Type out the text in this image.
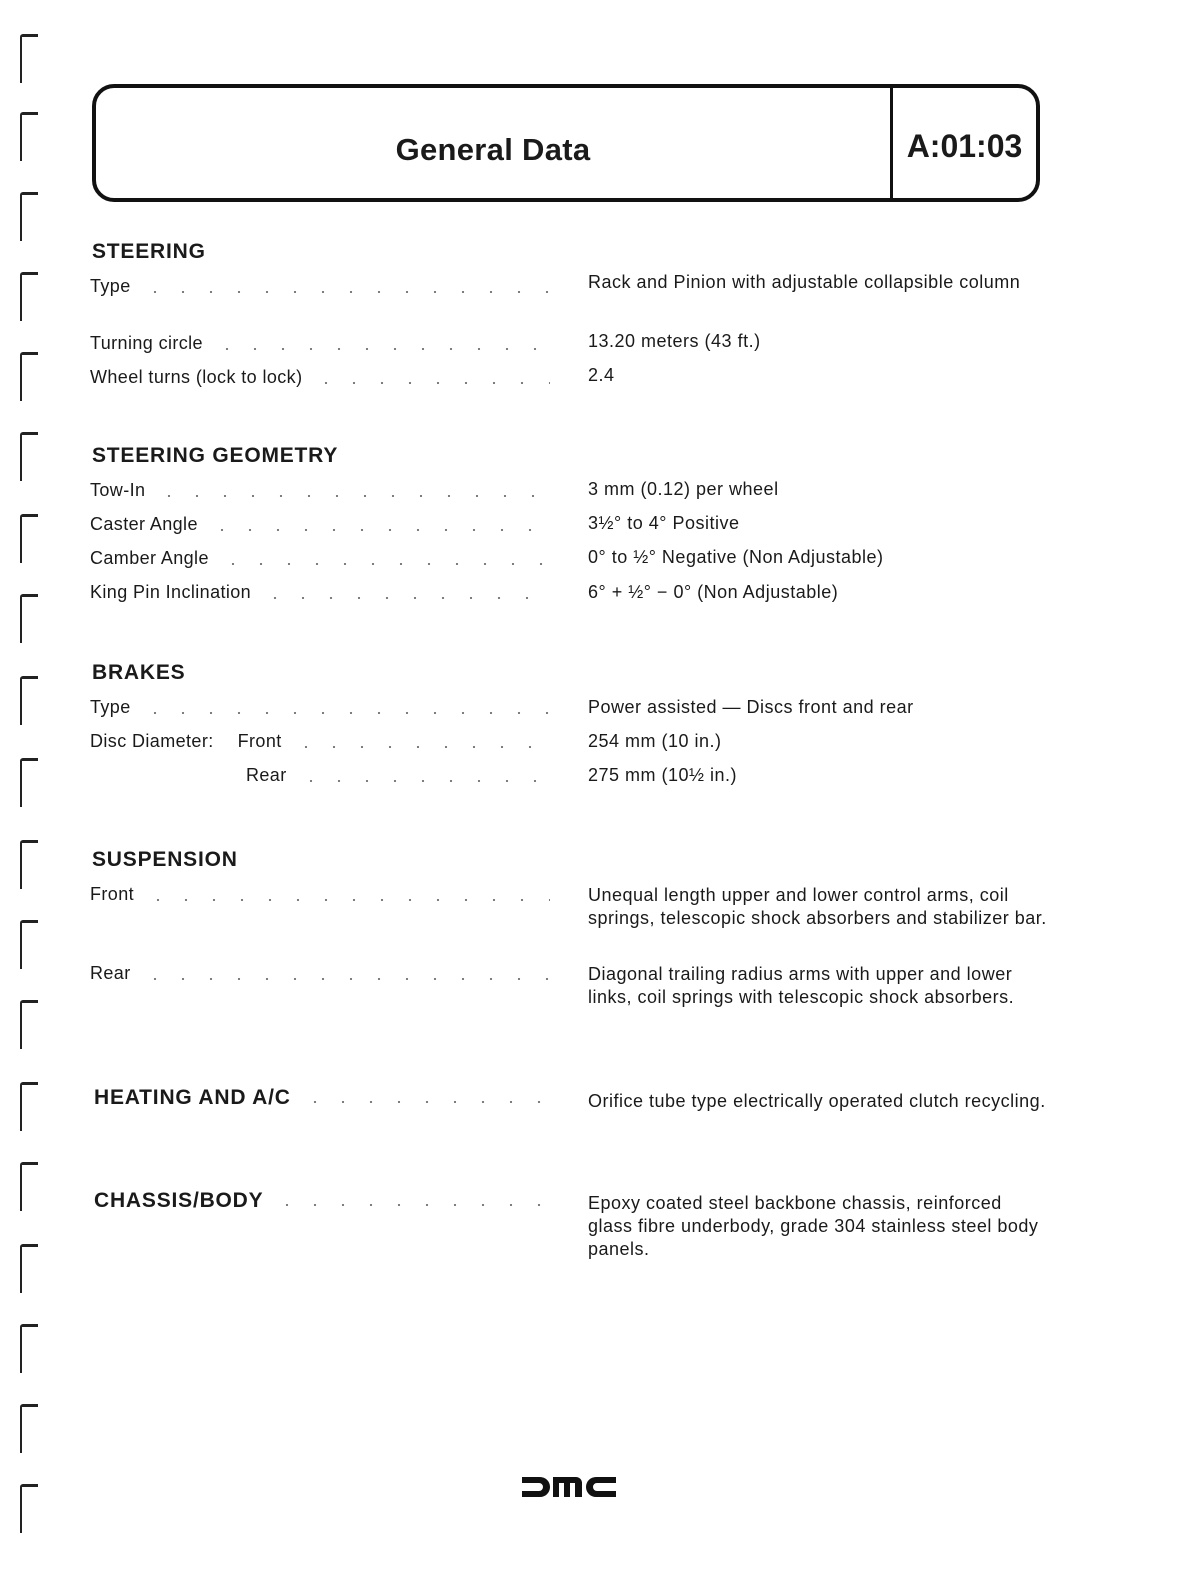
General Data	A:01:03
STEERING
Type	Rack and Pinion with adjustable collapsible column
Turning circle	13.20 meters (43 ft.)
Wheel turns (lock to lock)	2.4
STEERING GEOMETRY
Tow-In	3 mm (0.12) per wheel
Caster Angle	3½° to 4° Positive
Camber Angle	0° to ½° Negative (Non Adjustable)
King Pin Inclination	6° + ½° − 0° (Non Adjustable)
BRAKES
Type	Power assisted — Discs front and rear
Disc Diameter: Front	254 mm (10 in.)
Rear	275 mm (10½ in.)
SUSPENSION
Front	Unequal length upper and lower control arms, coil springs, telescopic shock absorbers and stabilizer bar.
Rear	Diagonal trailing radius arms with upper and lower links, coil springs with telescopic shock absorbers.
HEATING AND A/C	Orifice tube type electrically operated clutch recycling.
CHASSIS/BODY	Epoxy coated steel backbone chassis, reinforced glass fibre underbody, grade 304 stainless steel body panels.
